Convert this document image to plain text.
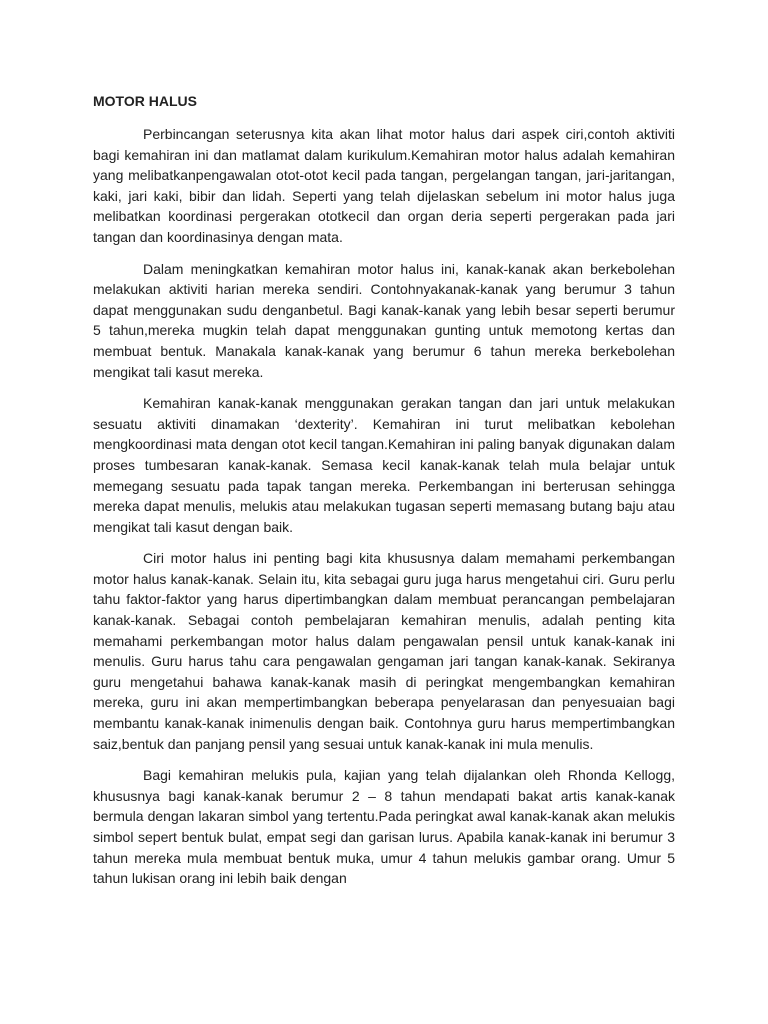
MOTOR HALUS

Perbincangan seterusnya kita akan lihat motor halus dari aspek ciri,contoh aktiviti bagi kemahiran ini dan matlamat dalam kurikulum.Kemahiran motor halus adalah kemahiran yang melibatkanpengawalan otot-otot kecil pada tangan, pergelangan tangan, jari-jaritangan, kaki, jari kaki, bibir dan lidah. Seperti yang telah dijelaskan sebelum ini motor halus juga melibatkan koordinasi pergerakan ototkecil dan organ deria seperti pergerakan pada jari tangan dan koordinasinya dengan mata.

Dalam meningkatkan kemahiran motor halus ini, kanak-kanak akan berkebolehan melakukan aktiviti harian mereka sendiri. Contohnyakanak-kanak yang berumur 3 tahun dapat menggunakan sudu denganbetul. Bagi kanak-kanak yang lebih besar seperti berumur 5 tahun,mereka mugkin telah dapat menggunakan gunting untuk memotong kertas dan membuat bentuk. Manakala kanak-kanak yang berumur 6 tahun mereka berkebolehan mengikat tali kasut mereka.

Kemahiran kanak-kanak menggunakan gerakan tangan dan jari untuk melakukan sesuatu aktiviti dinamakan ‘dexterity’. Kemahiran ini turut melibatkan kebolehan mengkoordinasi mata dengan otot kecil tangan.Kemahiran ini paling banyak digunakan dalam proses tumbesaran kanak-kanak. Semasa kecil kanak-kanak telah mula belajar untuk memegang sesuatu pada tapak tangan mereka. Perkembangan ini berterusan sehingga mereka dapat menulis, melukis atau melakukan tugasan seperti memasang butang baju atau mengikat tali kasut dengan baik.

Ciri motor halus ini penting bagi kita khususnya dalam memahami perkembangan motor halus kanak-kanak. Selain itu, kita sebagai guru juga harus mengetahui ciri. Guru perlu tahu faktor-faktor yang harus dipertimbangkan dalam membuat perancangan pembelajaran kanak-kanak. Sebagai contoh pembelajaran kemahiran menulis, adalah penting kita memahami perkembangan motor halus dalam pengawalan pensil untuk kanak-kanak ini menulis. Guru harus tahu cara pengawalan gengaman jari tangan kanak-kanak. Sekiranya guru mengetahui bahawa kanak-kanak masih di peringkat mengembangkan kemahiran mereka, guru ini akan mempertimbangkan beberapa penyelarasan dan penyesuaian bagi membantu kanak-kanak inimenulis dengan baik. Contohnya guru harus mempertimbangkan saiz,bentuk dan panjang pensil yang sesuai untuk kanak-kanak ini mula menulis.

Bagi kemahiran melukis pula, kajian yang telah dijalankan oleh Rhonda Kellogg, khususnya bagi kanak-kanak berumur 2 – 8 tahun mendapati bakat artis kanak-kanak bermula dengan lakaran simbol yang tertentu.Pada peringkat awal kanak-kanak akan melukis simbol sepert bentuk bulat, empat segi dan garisan lurus. Apabila kanak-kanak ini berumur 3 tahun mereka mula membuat bentuk muka, umur 4 tahun melukis gambar orang. Umur 5 tahun lukisan orang ini lebih baik dengan
